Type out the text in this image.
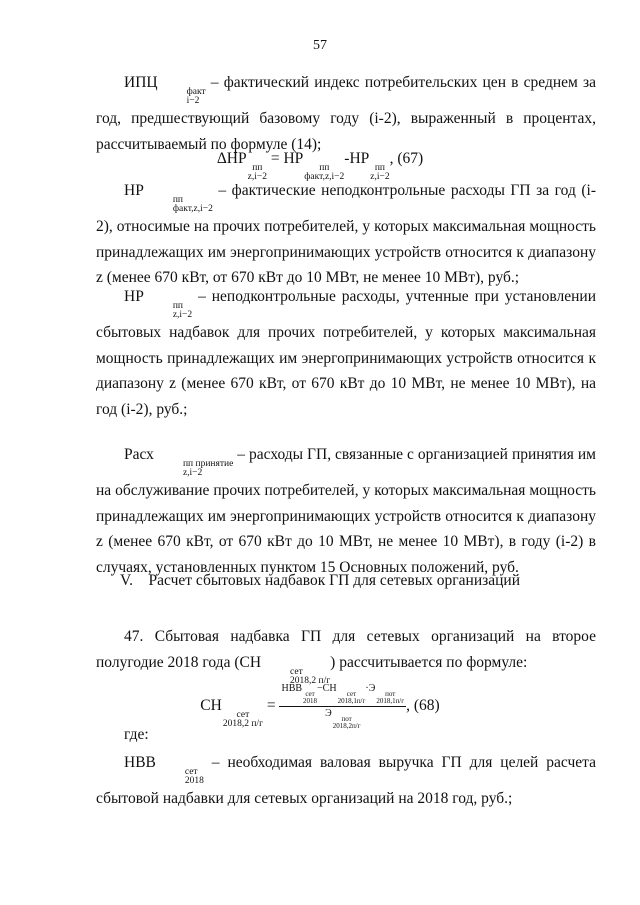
57
ИПЦ
факт
i−2
– фактический индекс потребительских цен в среднем за год, предшествующий базовому году (i-2), выраженный в процентах, рассчитываемый по формуле (14);
ΔНР
пп
z,i−2
= НР
пп
факт,z,i−2
-НР
пп
z,i−2
, (67)
НР
пп
факт,z,i−2
– фактические неподконтрольные расходы ГП за год (i-2), относимые на прочих потребителей, у которых максимальная мощность принадлежащих им энергопринимающих устройств относится к диапазону z (менее 670 кВт, от 670 кВт до 10 МВт, не менее 10 МВт), руб.;
НР
пп
z,i−2
– неподконтрольные расходы, учтенные при установлении сбытовых надбавок для прочих потребителей, у которых максимальная мощность принадлежащих им энергопринимающих устройств относится к диапазону z (менее 670 кВт, от 670 кВт до 10 МВт, не менее 10 МВт), на год (i-2), руб.;
Расх
пп принятие
z,i−2
– расходы ГП, связанные с организацией принятия им на обслуживание прочих потребителей, у которых максимальная мощность принадлежащих им энергопринимающих устройств относится к диапазону z (менее 670 кВт, от 670 кВт до 10 МВт, не менее 10 МВт), в году (i-2) в случаях, установленных пунктом 15 Основных положений, руб.
V.    Расчет сбытовых надбавок ГП для сетевых организаций
47. Сбытовая надбавка ГП для сетевых организаций на второе полугодие 2018 года (СН
сет
2018,2 п/г
) рассчитывается по формуле:
СН
сет
2018,2 п/г
= НВВ сет
2018
−СН	сет
2018,1п/г
·Э	пот
2018,1п/г
Э	пот
2018,2п/г , (68)
где:
НВВ
сет
2018
– необходимая валовая выручка ГП для целей расчета сбытовой надбавки для сетевых организаций на 2018 год, руб.;
